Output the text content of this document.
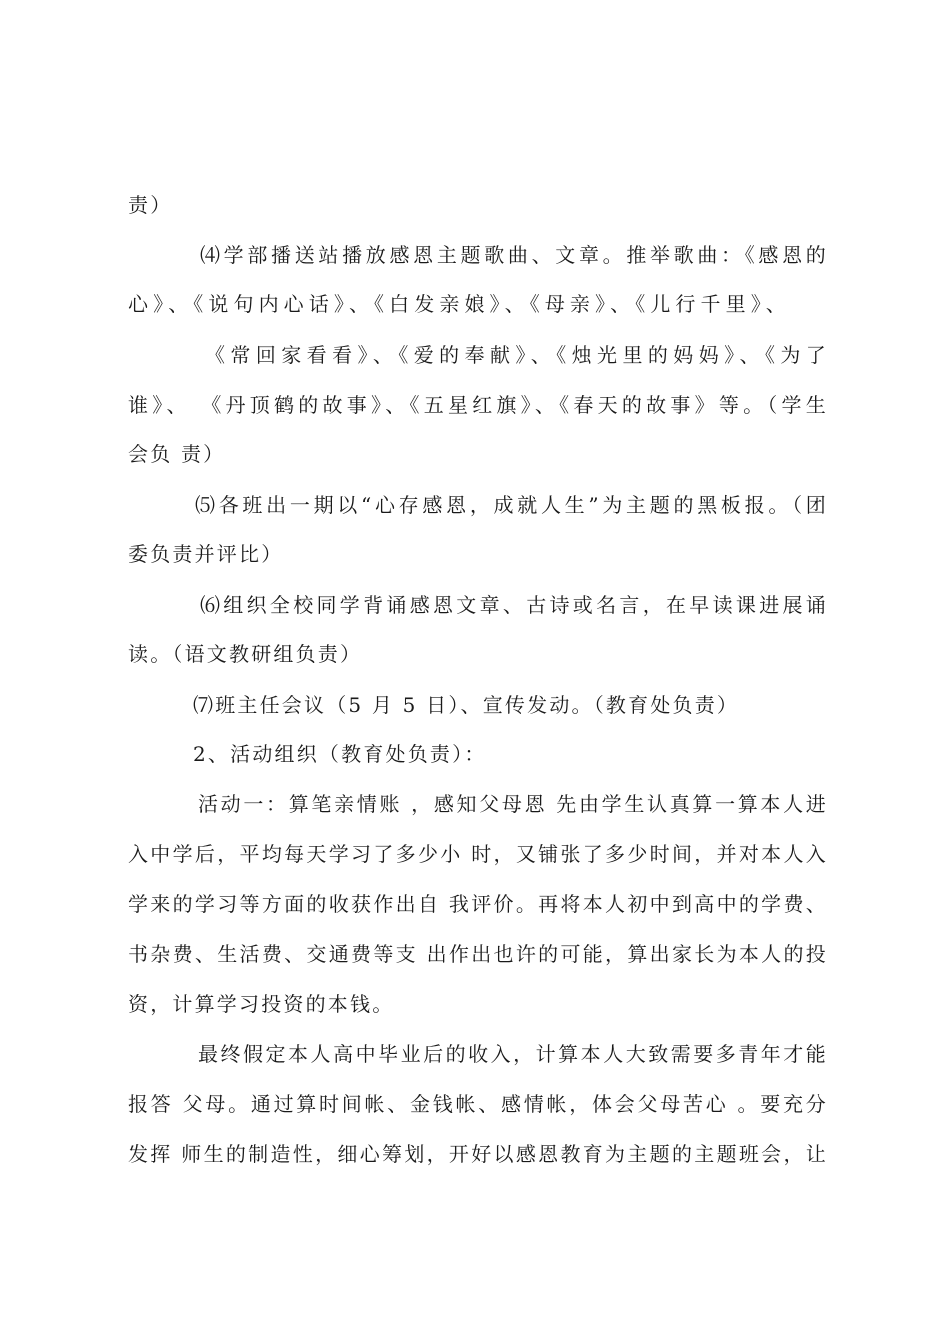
责）
⑷学部播送站播放感恩主题歌曲、文章。推举歌曲：《感恩的
心》、《说句内心话》、《白发亲娘》、《母亲》、《儿行千里》、
《常回家看看》、《爱的奉献》、《烛光里的妈妈》、《为了
谁》、 《丹顶鹤的故事》、《五星红旗》、《春天的故事》等。（学生
会负 责）
⑸各班出一期以“心存感恩，成就人生”为主题的黑板报。（团
委负责并评比）
⑹组织全校同学背诵感恩文章、古诗或名言，在早读课进展诵
读。（语文教研组负责）
⑺班主任会议（5 月 5 日）、宣传发动。（教育处负责）
2、活动组织（教育处负责）：
活动一：算笔亲情账 ，感知父母恩 先由学生认真算一算本人进
入中学后，平均每天学习了多少小 时，又铺张了多少时间，并对本人入
学来的学习等方面的收获作出自 我评价。再将本人初中到高中的学费、
书杂费、生活费、交通费等支 出作出也许的可能，算出家长为本人的投
资，计算学习投资的本钱。
最终假定本人高中毕业后的收入，计算本人大致需要多青年才能
报答 父母。通过算时间帐、金钱帐、感情帐，体会父母苦心 。要充分
发挥 师生的制造性，细心筹划，开好以感恩教育为主题的主题班会，让
